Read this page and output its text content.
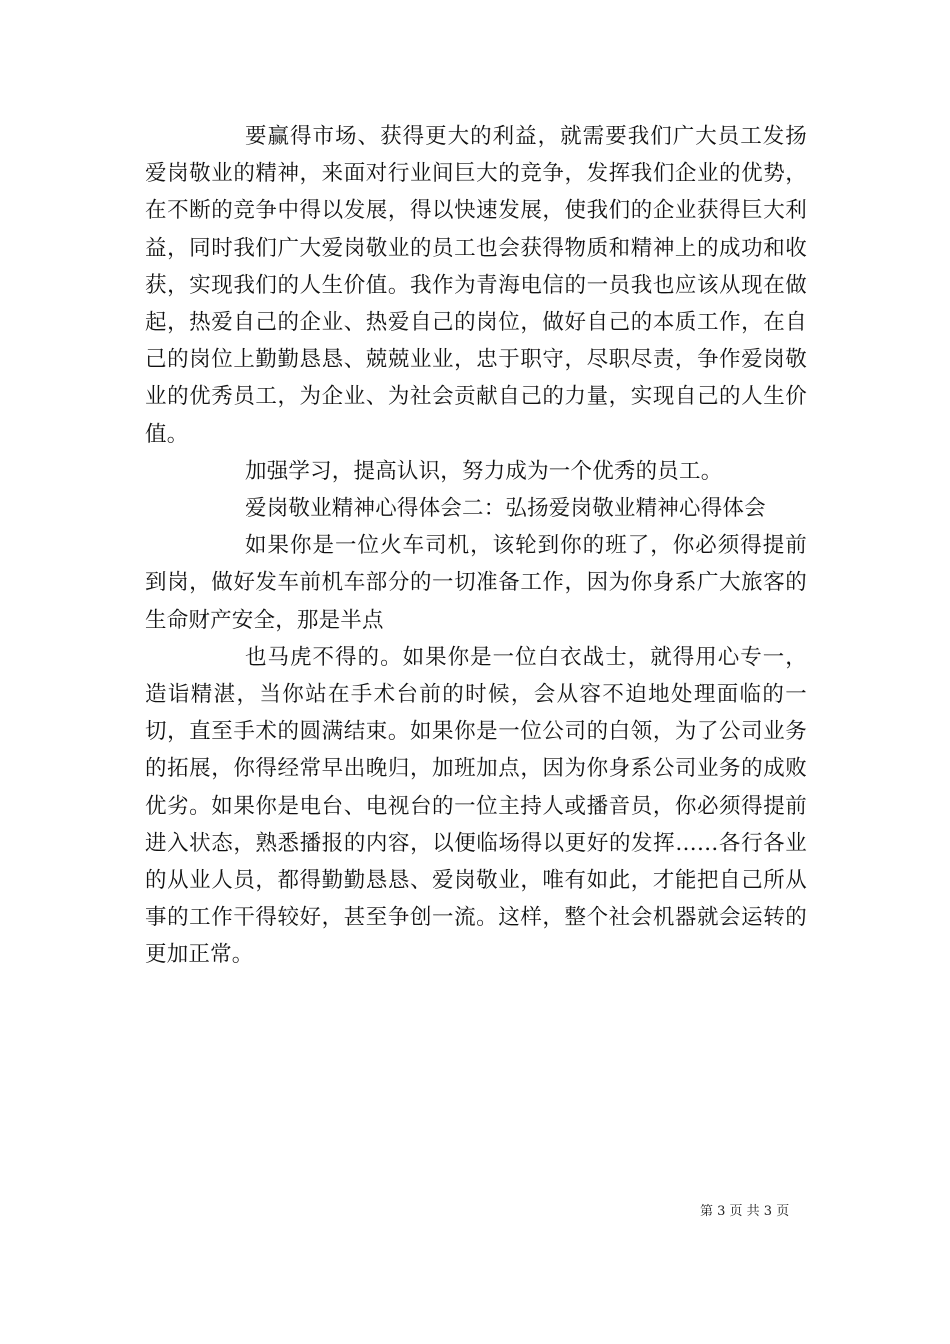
要赢得市场、获得更大的利益，就需要我们广大员工发扬爱岗敬业的精神，来面对行业间巨大的竞争，发挥我们企业的优势，在不断的竞争中得以发展，得以快速发展，使我们的企业获得巨大利益，同时我们广大爱岗敬业的员工也会获得物质和精神上的成功和收获，实现我们的人生价值。我作为青海电信的一员我也应该从现在做起，热爱自己的企业、热爱自己的岗位，做好自己的本质工作，在自己的岗位上勤勤恳恳、兢兢业业，忠于职守，尽职尽责，争作爱岗敬业的优秀员工，为企业、为社会贡献自己的力量，实现自己的人生价值。

加强学习，提高认识，努力成为一个优秀的员工。

爱岗敬业精神心得体会二：弘扬爱岗敬业精神心得体会

如果你是一位火车司机，该轮到你的班了，你必须得提前到岗，做好发车前机车部分的一切准备工作，因为你身系广大旅客的生命财产安全，那是半点

也马虎不得的。如果你是一位白衣战士，就得用心专一，造诣精湛，当你站在手术台前的时候，会从容不迫地处理面临的一切，直至手术的圆满结束。如果你是一位公司的白领，为了公司业务的拓展，你得经常早出晚归，加班加点，因为你身系公司业务的成败优劣。如果你是电台、电视台的一位主持人或播音员，你必须得提前进入状态，熟悉播报的内容，以便临场得以更好的发挥……各行各业的从业人员，都得勤勤恳恳、爱岗敬业，唯有如此，才能把自己所从事的工作干得较好，甚至争创一流。这样，整个社会机器就会运转的更加正常。

第 3 页 共 3 页
